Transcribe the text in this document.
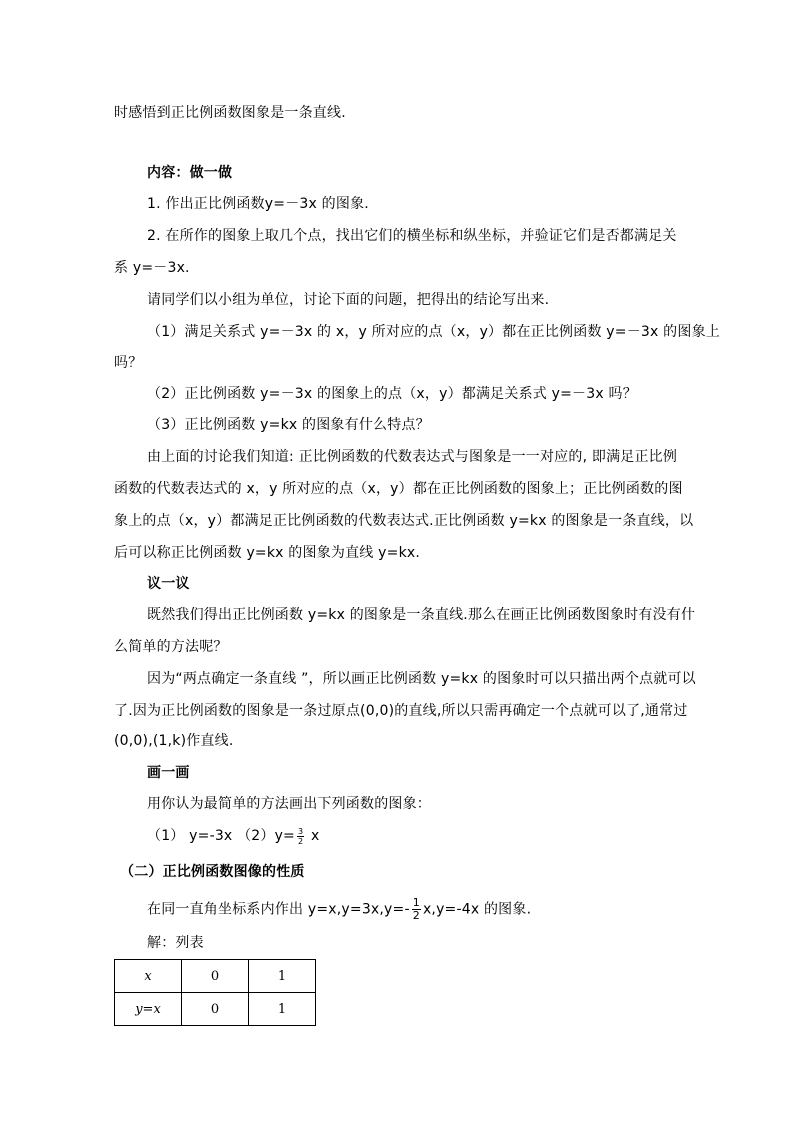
时感悟到正比例函数图象是一条直线.
内容：做一做
1. 作出正比例函数y=－3x 的图象.
2. 在所作的图象上取几个点，找出它们的横坐标和纵坐标，并验证它们是否都满足关
系 y=－3x.
请同学们以小组为单位，讨论下面的问题，把得出的结论写出来.
（1）满足关系式 y=－3x 的 x，y 所对应的点（x，y）都在正比例函数 y=－3x 的图象上
吗？
（2）正比例函数 y=－3x 的图象上的点（x，y）都满足关系式 y=－3x 吗？
（3）正比例函数 y=kx 的图象有什么特点？
由上面的讨论我们知道: 正比例函数的代数表达式与图象是一一对应的, 即满足正比例
函数的代数表达式的 x，y 所对应的点（x，y）都在正比例函数的图象上；正比例函数的图
象上的点（x，y）都满足正比例函数的代数表达式.正比例函数 y=kx 的图象是一条直线，以
后可以称正比例函数 y=kx 的图象为直线 y=kx.
议一议
既然我们得出正比例函数 y=kx 的图象是一条直线.那么在画正比例函数图象时有没有什
么简单的方法呢？
因为“两点确定一条直线 ”，所以画正比例函数 y=kx 的图象时可以只描出两个点就可以
了.因为正比例函数的图象是一条过原点(0,0)的直线,所以只需再确定一个点就可以了,通常过
(0,0),(1,k)作直线.
画一画
用你认为最简单的方法画出下列函数的图象：
（1） y=-3x $(2)y= \frac{3}{2}$ x
（二）正比例函数图像的性质
在同一直角坐标系内作出 $y=x,y=3x,y=- \frac{1}{2} x,y=-4x$ 的图象.
解：列表
x	0	1
y=x	0	1
